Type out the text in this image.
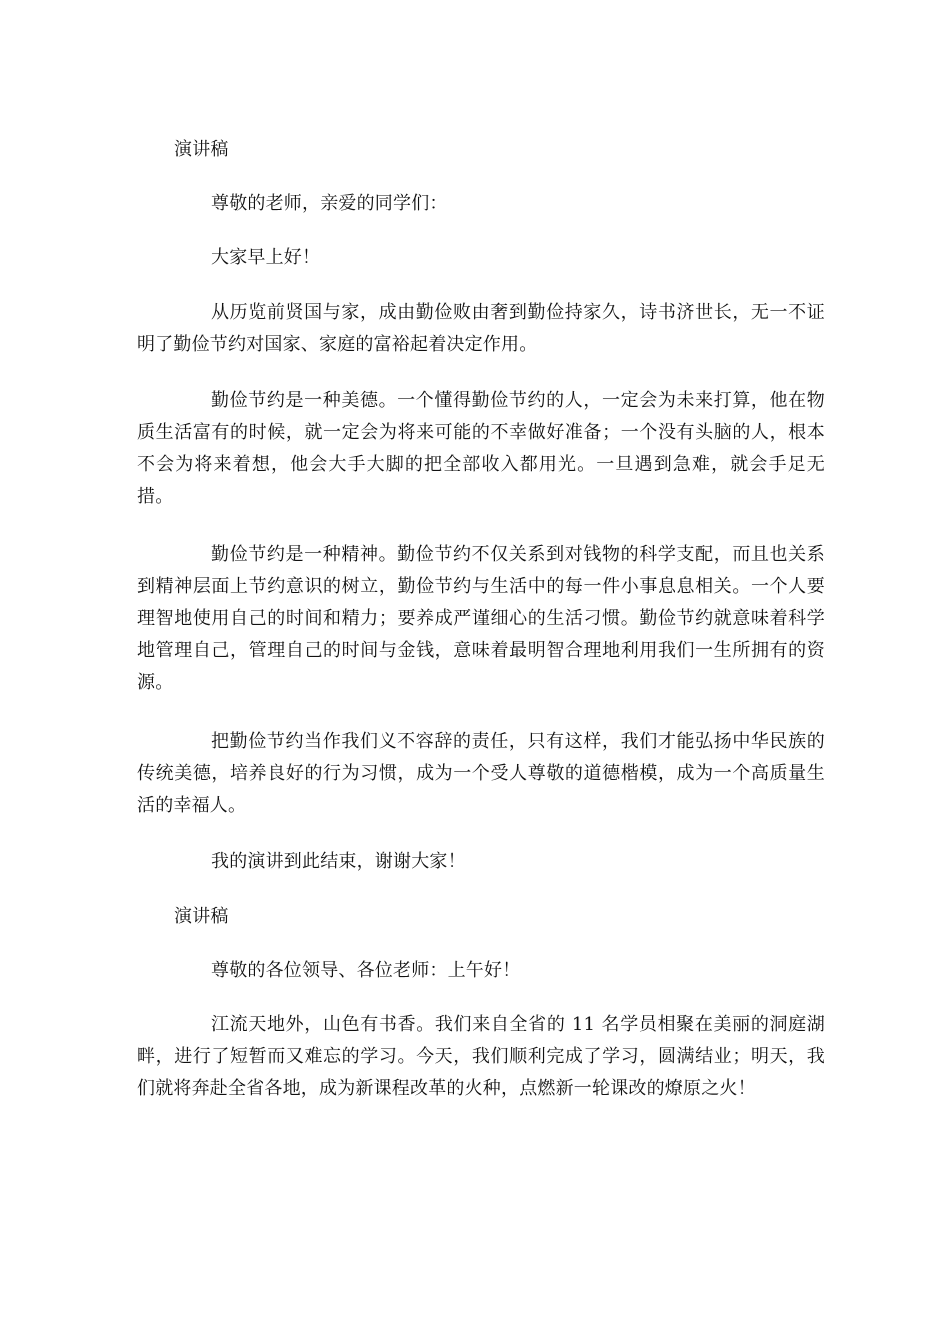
演讲稿

尊敬的老师，亲爱的同学们：

大家早上好！

从历览前贤国与家，成由勤俭败由奢到勤俭持家久，诗书济世长，无一不证明了勤俭节约对国家、家庭的富裕起着决定作用。

勤俭节约是一种美德。一个懂得勤俭节约的人，一定会为未来打算，他在物质生活富有的时候，就一定会为将来可能的不幸做好准备；一个没有头脑的人，根本不会为将来着想，他会大手大脚的把全部收入都用光。一旦遇到急难，就会手足无措。

勤俭节约是一种精神。勤俭节约不仅关系到对钱物的科学支配，而且也关系到精神层面上节约意识的树立，勤俭节约与生活中的每一件小事息息相关。一个人要理智地使用自己的时间和精力；要养成严谨细心的生活刁惯。勤俭节约就意味着科学地管理自己，管理自己的时间与金钱，意味着最明智合理地利用我们一生所拥有的资源。

把勤俭节约当作我们义不容辞的责任，只有这样，我们才能弘扬中华民族的传统美德，培养良好的行为习惯，成为一个受人尊敬的道德楷模，成为一个高质量生活的幸福人。

我的演讲到此结束，谢谢大家！

演讲稿

尊敬的各位领导、各位老师：上午好！

江流天地外，山色有书香。我们来自全省的 11 名学员相聚在美丽的洞庭湖畔，进行了短暂而又难忘的学习。今天，我们顺利完成了学习，圆满结业；明天，我们就将奔赴全省各地，成为新课程改革的火种，点燃新一轮课改的燎原之火！
